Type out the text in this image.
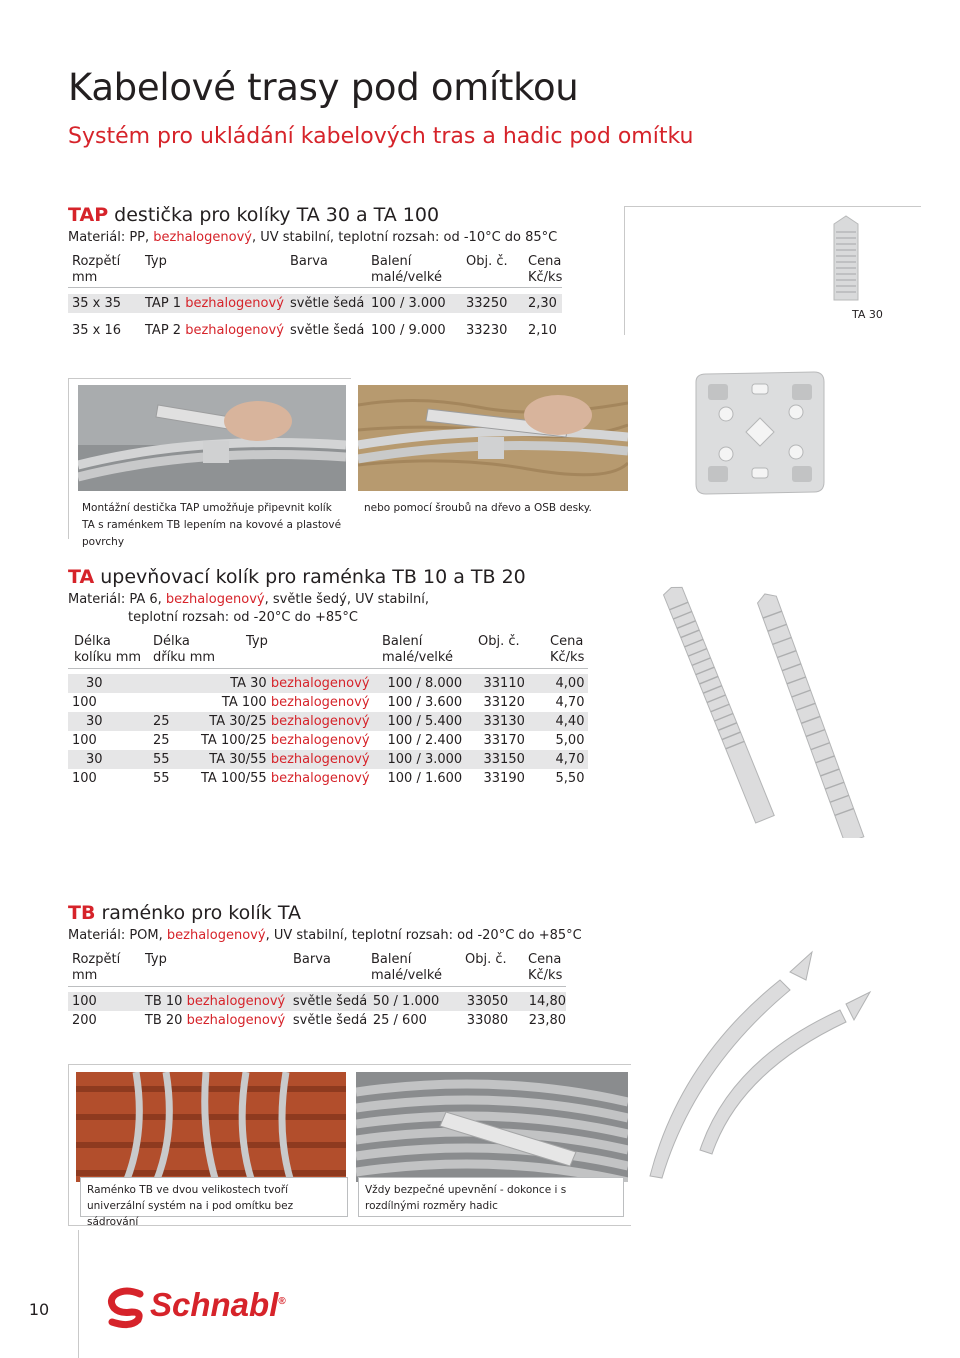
Kabelové trasy pod omítkou
Systém pro ukládání kabelových tras a hadic pod omítku
TAP destička pro kolíky TA 30 a TA 100
Materiál: PP, bezhalogenový, UV stabilní, teplotní rozsah: od -10°C do 85°C
Rozpětí
mm
Typ	Barva	Balení
malé/velké
Obj. č. Cena
Kč/ks
35 x 35	TAP 1 bezhalogenový	světle šedá	100 / 3.000	33250	2,30

35 x 16	TAP 2 bezhalogenový	světle šedá	100 / 9.000	33230	2,10
TA 30
Montážní destička TAP umožňuje připevnit kolík TA s raménkem TB lepením na kovové a plastové povrchy
nebo pomocí šroubů na dřevo a OSB desky.
TA upevňovací kolík pro raménka TB 10 a TB 20
Materiál: PA 6, bezhalogenový, světle šedý, UV stabilní,
teplotní rozsah: od -20°C do +85°C
Délka
kolíku mm
Délka
dříku mm
Typ	Balení
malé/velké
Obj. č. Cena
Kč/ks
30		TA 30 bezhalogenový	100 / 8.000	33110	4,00
100		TA 100 bezhalogenový	100 / 3.600	33120	4,70
30	25	TA 30/25 bezhalogenový	100 / 5.400	33130	4,40
100	25	TA 100/25 bezhalogenový	100 / 2.400	33170	5,00
30	55	TA 30/55 bezhalogenový	100 / 3.000	33150	4,70
100	55	TA 100/55 bezhalogenový	100 / 1.600	33190	5,50
TB raménko pro kolík TA
Materiál: POM, bezhalogenový, UV stabilní, teplotní rozsah: od -20°C do +85°C
Rozpětí
mm
Typ	Barva	Balení
malé/velké
Obj. č. Cena
Kč/ks
100	TB 10 bezhalogenový	světle šedá	50 / 1.000	33050	14,80
200	TB 20 bezhalogenový	světle šedá	25 / 600	33080	23,80
Raménko TB ve dvou velikostech tvoří univerzální systém na i pod omítku bez sádrování
Vždy bezpečné upevnění - dokonce i s rozdílnými rozměry hadic
10	Schnabl®
